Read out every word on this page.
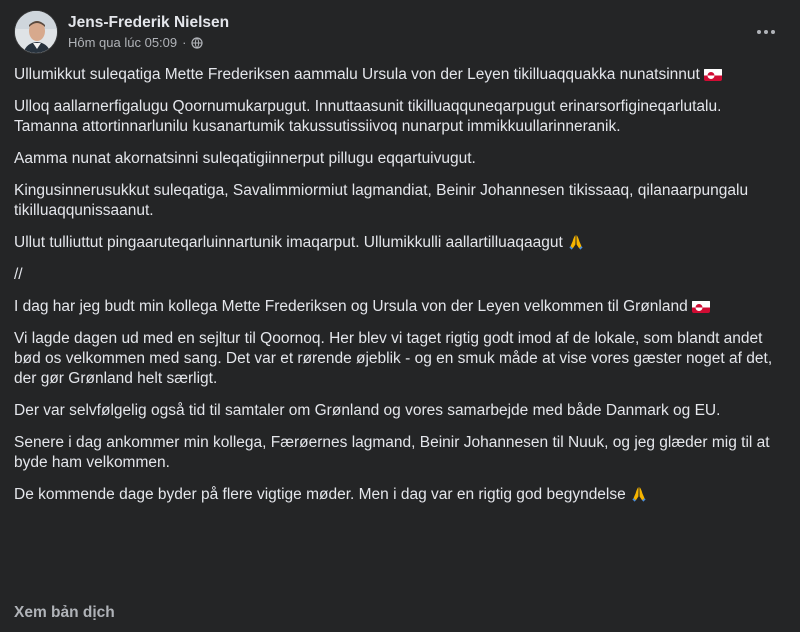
Jens-Frederik Nielsen
Hôm qua lúc 05:09 ·

Ullumikkut suleqatiga Mette Frederiksen aammalu Ursula von der Leyen tikilluaqquakka nunatsinnut

Ulloq aallarnerfigalugu Qoornumukarpugut. Innuttaasunit tikilluaqquneqarpugut erinarsorfigineqarlutalu. Tamanna attortinnarlunilu kusanartumik takussutissiivoq nunarput immikkuullarinneranik.

Aamma nunat akornatsinni suleqatigiinnerput pillugu eqqartuivugut.

Kingusinnerusukkut suleqatiga, Savalimmiormiut lagmandiat, Beinir Johannesen tikissaaq, qilanaarpungalu tikilluaqqunissaanut.

Ullut tulliuttut pingaaruteqarluinnartunik imaqarput. Ullumikkulli aallartilluaqaagut

//

I dag har jeg budt min kollega Mette Frederiksen og Ursula von der Leyen velkommen til Grønland

Vi lagde dagen ud med en sejltur til Qoornoq. Her blev vi taget rigtig godt imod af de lokale, som blandt andet bød os velkommen med sang. Det var et rørende øjeblik - og en smuk måde at vise vores gæster noget af det, der gør Grønland helt særligt.

Der var selvfølgelig også tid til samtaler om Grønland og vores samarbejde med både Danmark og EU.

Senere i dag ankommer min kollega, Færøernes lagmand, Beinir Johannesen til Nuuk, og jeg glæder mig til at byde ham velkommen.

De kommende dage byder på flere vigtige møder. Men i dag var en rigtig god begyndelse

Xem bản dịch
